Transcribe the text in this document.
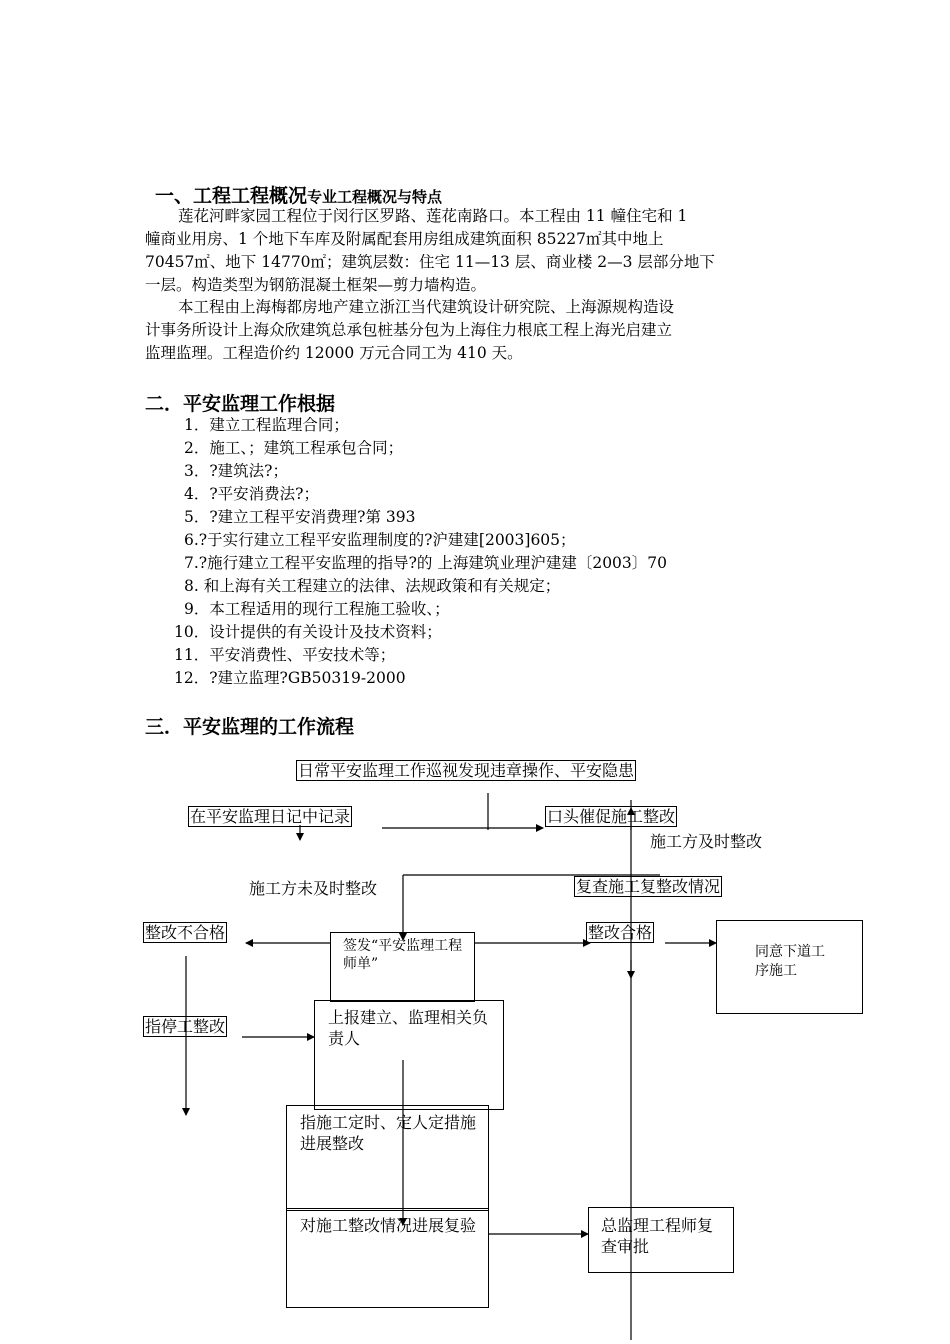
一、工程工程概况专业工程概况与特点
莲花河畔家园工程位于闵行区罗路、莲花南路口。本工程由 11 幢住宅和 1
幢商业用房、1 个地下车库及附属配套用房组成建筑面积 85227㎡其中地上
70457㎡、地下 14770㎡；建筑层数：住宅 11—13 层、商业楼 2—3 层部分地下
一层。构造类型为钢筋混凝土框架—剪力墙构造。
本工程由上海梅都房地产建立浙江当代建筑设计研究院、上海源规构造设
计事务所设计上海众欣建筑总承包桩基分包为上海住力根底工程上海光启建立
监理监理。工程造价约 12000 万元合同工为 410 天。
二．平安监理工作根据
1．建立工程监理合同；
2．施工、；建筑工程承包合同；
3．?建筑法?；
4．?平安消费法?；
5．?建立工程平安消费理?第 393
6.?于实行建立工程平安监理制度的?沪建建[2003]605；
7.?施行建立工程平安监理的指导?的 上海建筑业理沪建建〔2003〕70
8. 和上海有关工程建立的法律、法规政策和有关规定；
9．本工程适用的现行工程施工验收、；
10．设计提供的有关设计及技术资料；
11．平安消费性、平安技术等；
12．?建立监理?GB50319-2000
三．平安监理的工作流程
日常平安监理工作巡视发现违章操作、平安隐患
在平安监理日记中记录	口头催促施工整改
施工方及时整改
施工方未及时整改	复查施工复整改情况
整改不合格	整改合格
指停工整改
签发“平安监理工程师单”
同意下道工序施工
上报建立、监理相关负责人
指施工定时、定人定措施进展整改
对施工整改情况进展复验	总监理工程师复查审批
